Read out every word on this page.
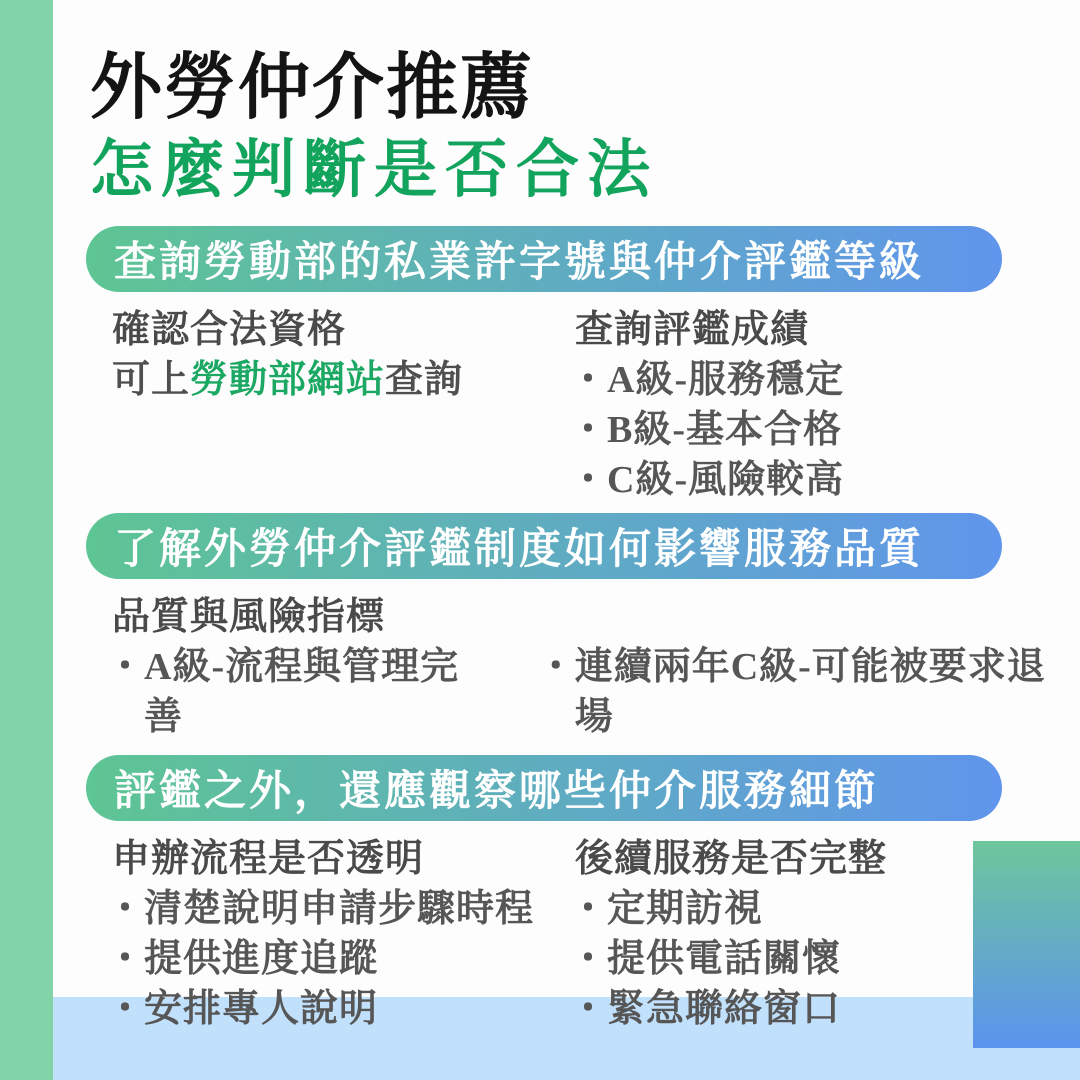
外勞仲介推薦
怎麼判斷是否合法
查詢勞動部的私業許字號與仲介評鑑等級
確認合法資格
可上勞動部網站查詢
查詢評鑑成績
・ A級-服務穩定
・ B級-基本合格
・ C級-風險較高
了解外勞仲介評鑑制度如何影響服務品質
品質與風險指標
・ A級-流程與管理完善
・ 連續兩年C級-可能被要求退場
評鑑之外，還應觀察哪些仲介服務細節
申辦流程是否透明
・ 清楚說明申請步驟時程
・ 提供進度追蹤
・ 安排專人說明
後續服務是否完整
・ 定期訪視
・ 提供電話關懷
・ 緊急聯絡窗口
